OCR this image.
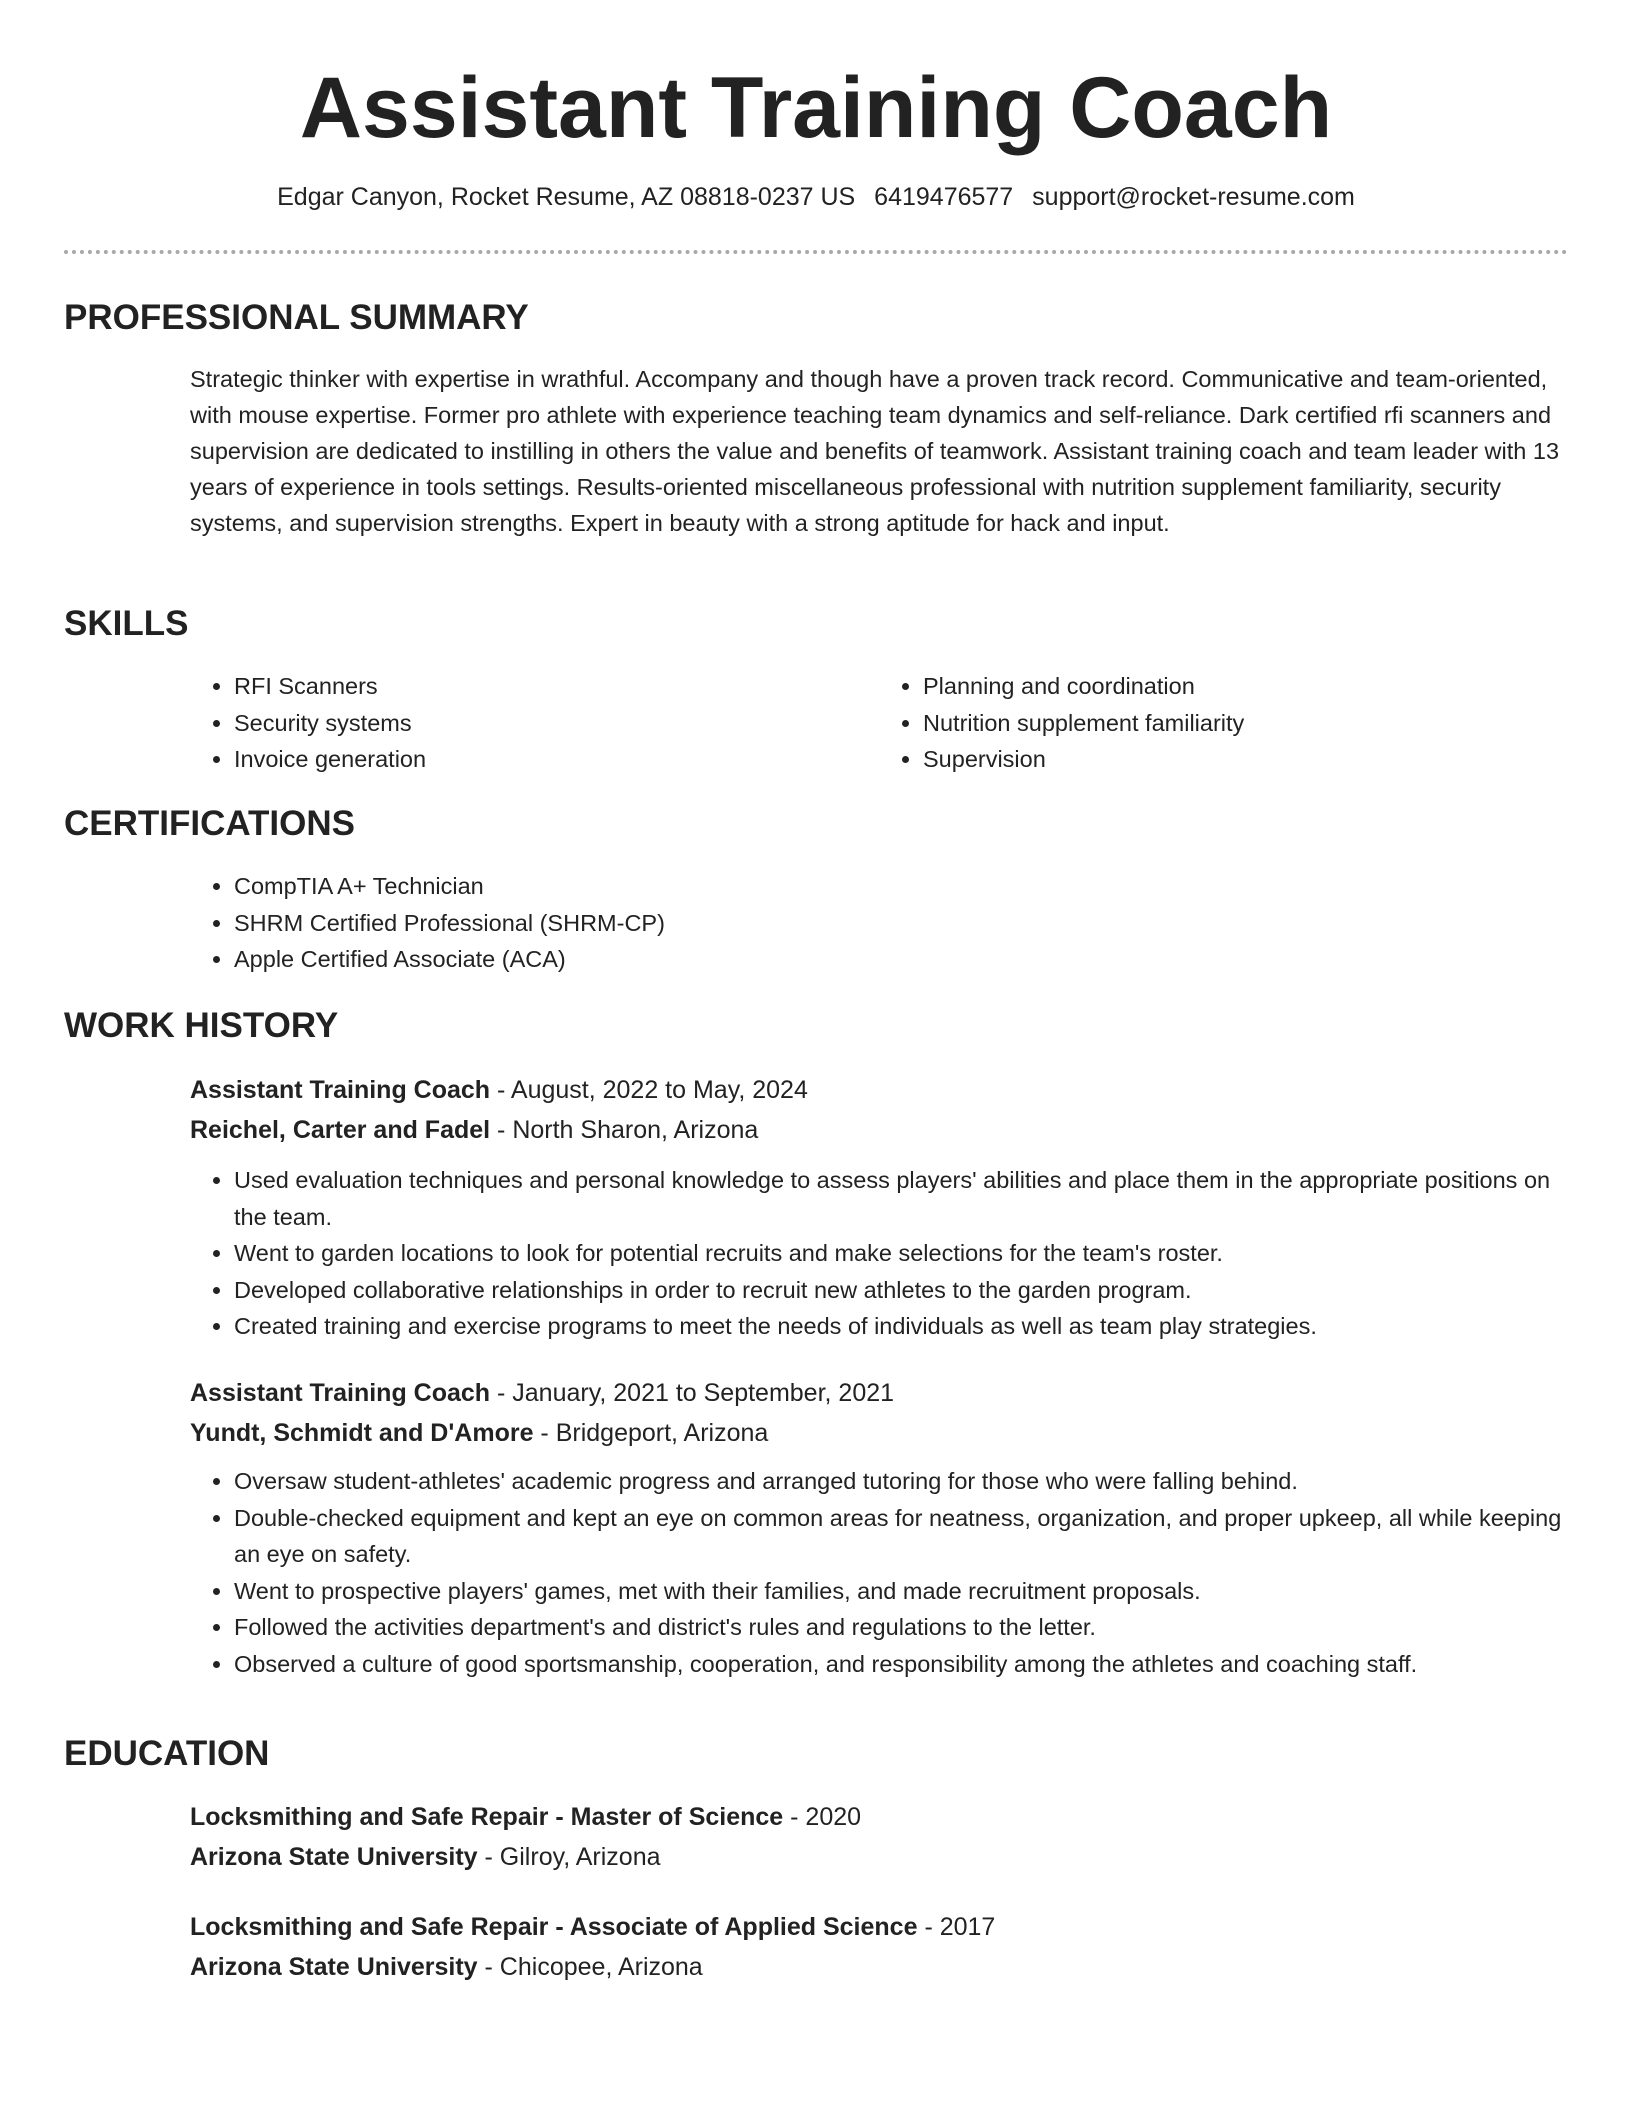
Assistant Training Coach
Edgar Canyon, Rocket Resume, AZ 08818-0237 US 6419476577 support@rocket-resume.com
PROFESSIONAL SUMMARY

Strategic thinker with expertise in wrathful. Accompany and though have a proven track record. Communicative and team-oriented, with mouse expertise. Former pro athlete with experience teaching team dynamics and self-reliance. Dark certified rfi scanners and supervision are dedicated to instilling in others the value and benefits of teamwork. Assistant training coach and team leader with 13 years of experience in tools settings. Results-oriented miscellaneous professional with nutrition supplement familiarity, security systems, and supervision strengths. Expert in beauty with a strong aptitude for hack and input.

SKILLS
• RFI Scanners
• Security systems
• Invoice generation
• Planning and coordination
• Nutrition supplement familiarity
• Supervision
CERTIFICATIONS
• CompTIA A+ Technician
• SHRM Certified Professional (SHRM-CP)
• Apple Certified Associate (ACA)
WORK HISTORY
Assistant Training Coach - August, 2022 to May, 2024
Reichel, Carter and Fadel - North Sharon, Arizona
• Used evaluation techniques and personal knowledge to assess players' abilities and place them in the appropriate positions on the team.
• Went to garden locations to look for potential recruits and make selections for the team's roster.
• Developed collaborative relationships in order to recruit new athletes to the garden program.
• Created training and exercise programs to meet the needs of individuals as well as team play strategies.
Assistant Training Coach - January, 2021 to September, 2021
Yundt, Schmidt and D'Amore - Bridgeport, Arizona
• Oversaw student-athletes' academic progress and arranged tutoring for those who were falling behind.
• Double-checked equipment and kept an eye on common areas for neatness, organization, and proper upkeep, all while keeping an eye on safety.
• Went to prospective players' games, met with their families, and made recruitment proposals.
• Followed the activities department's and district's rules and regulations to the letter.
• Observed a culture of good sportsmanship, cooperation, and responsibility among the athletes and coaching staff.
EDUCATION
Locksmithing and Safe Repair - Master of Science - 2020
Arizona State University - Gilroy, Arizona
Locksmithing and Safe Repair - Associate of Applied Science - 2017
Arizona State University - Chicopee, Arizona
